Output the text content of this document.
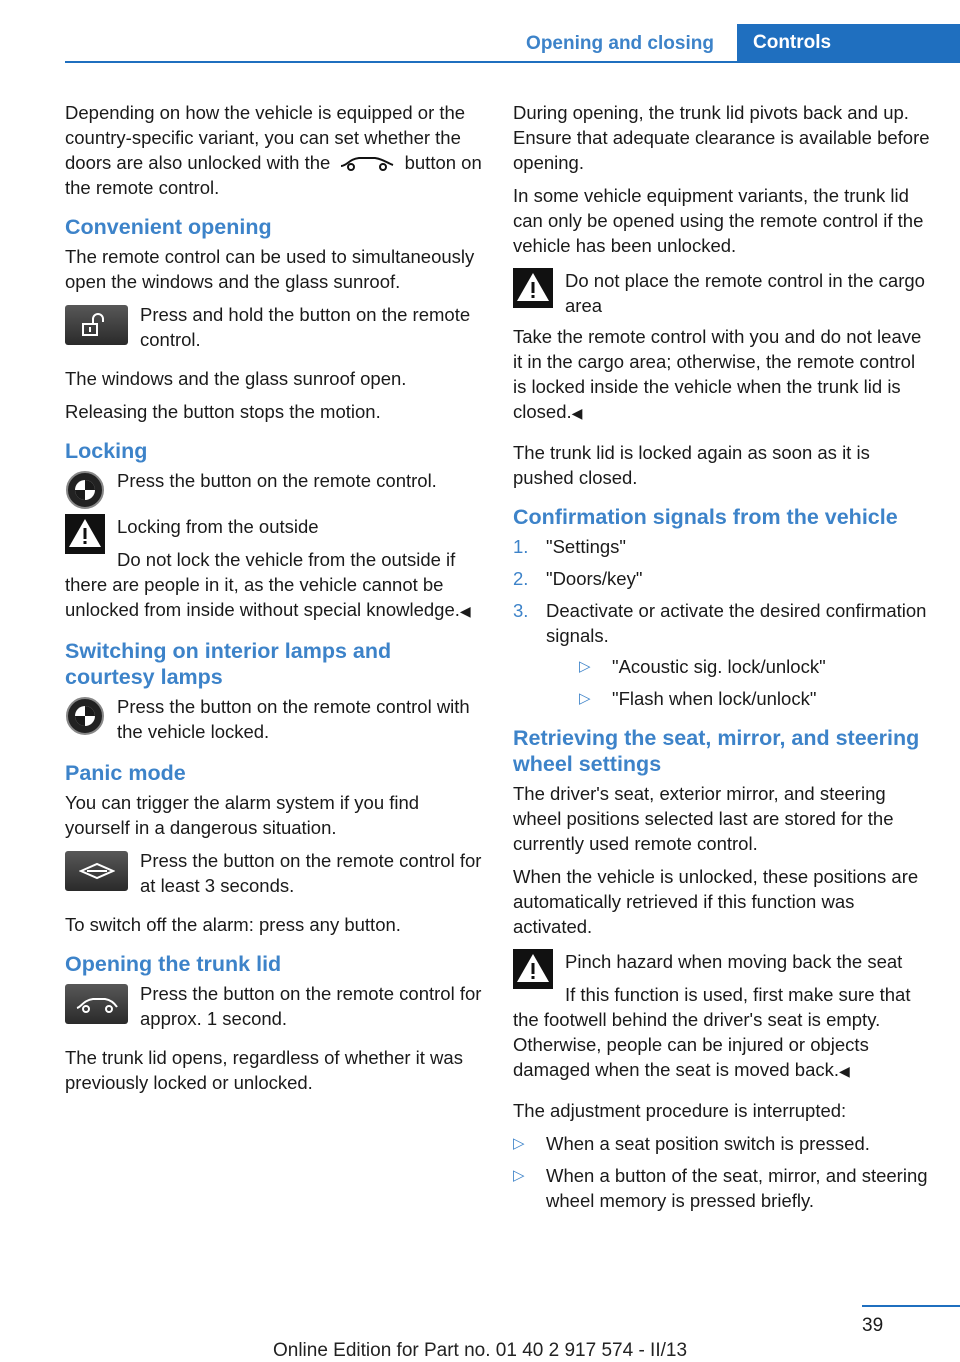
Opening and closing	Controls

Depending on how the vehicle is equipped or the country-specific variant, you can set whether the doors are also unlocked with the	button on the remote control.

Convenient opening

The remote control can be used to simultaneously open the windows and the glass sunroof.

Press and hold the button on the remote control.

The windows and the glass sunroof open.

Releasing the button stops the motion.

Locking

Press the button on the remote control.

Locking from the outside

Do not lock the vehicle from the outside if there are people in it, as the vehicle cannot be unlocked from inside without special knowledge.◀

Switching on interior lamps and courtesy lamps

Press the button on the remote control with the vehicle locked.

Panic mode

You can trigger the alarm system if you find yourself in a dangerous situation.

Press the button on the remote control for at least 3 seconds.

To switch off the alarm: press any button.

Opening the trunk lid

Press the button on the remote control for approx. 1 second.

The trunk lid opens, regardless of whether it was previously locked or unlocked.

During opening, the trunk lid pivots back and up. Ensure that adequate clearance is available before opening.

In some vehicle equipment variants, the trunk lid can only be opened using the remote control if the vehicle has been unlocked.

Do not place the remote control in the cargo area

Take the remote control with you and do not leave it in the cargo area; otherwise, the remote control is locked inside the vehicle when the trunk lid is closed.◀

The trunk lid is locked again as soon as it is pushed closed.

Confirmation signals from the vehicle
1. "Settings"
2. "Doors/key"
3. Deactivate or activate the desired confirmation signals.
▷ "Acoustic sig. lock/unlock"
▷ "Flash when lock/unlock"
Retrieving the seat, mirror, and steering wheel settings

The driver's seat, exterior mirror, and steering wheel positions selected last are stored for the currently used remote control.

When the vehicle is unlocked, these positions are automatically retrieved if this function was activated.

Pinch hazard when moving back the seat

If this function is used, first make sure that the footwell behind the driver's seat is empty. Otherwise, people can be injured or objects damaged when the seat is moved back.◀

The adjustment procedure is interrupted:

▷ When a seat position switch is pressed.
▷ When a button of the seat, mirror, and steering wheel memory is pressed briefly.
39
Online Edition for Part no. 01 40 2 917 574 - II/13
